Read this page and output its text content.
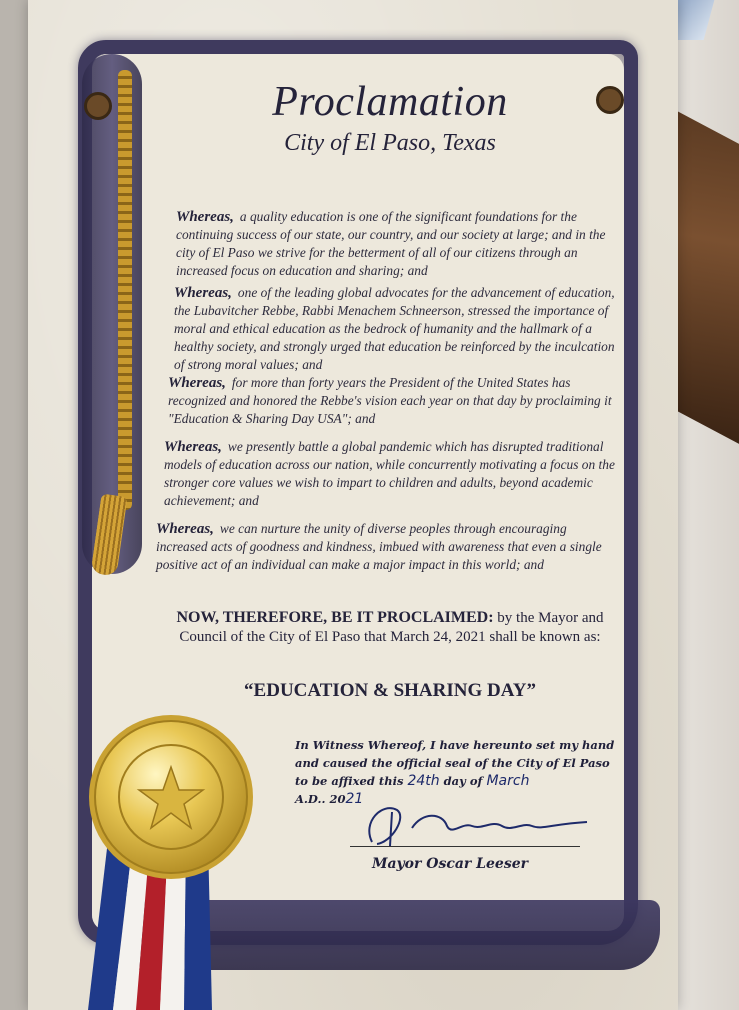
Proclamation
City of El Paso, Texas
Whereas, a quality education is one of the significant foundations for the continuing success of our state, our country, and our society at large; and in the city of El Paso we strive for the betterment of all of our citizens through an increased focus on education and sharing; and
Whereas, one of the leading global advocates for the advancement of education, the Lubavitcher Rebbe, Rabbi Menachem Schneerson, stressed the importance of moral and ethical education as the bedrock of humanity and the hallmark of a healthy society, and strongly urged that education be reinforced by the inculcation of strong moral values; and
Whereas, for more than forty years the President of the United States has recognized and honored the Rebbe's vision each year on that day by proclaiming it "Education & Sharing Day USA"; and
Whereas, we presently battle a global pandemic which has disrupted traditional models of education across our nation, while concurrently motivating a focus on the stronger core values we wish to impart to children and adults, beyond academic achievement; and
Whereas, we can nurture the unity of diverse peoples through encouraging increased acts of goodness and kindness, imbued with awareness that even a single positive act of an individual can make a major impact in this world; and
NOW, THEREFORE, BE IT PROCLAIMED: by the Mayor and Council of the City of El Paso that March 24, 2021 shall be known as:
“EDUCATION & SHARING DAY”
In Witness Whereof, I have hereunto set my hand
and caused the official seal of the City of El Paso
to be affixed this 24th day of March
A.D.. 2021
Mayor Oscar Leeser
